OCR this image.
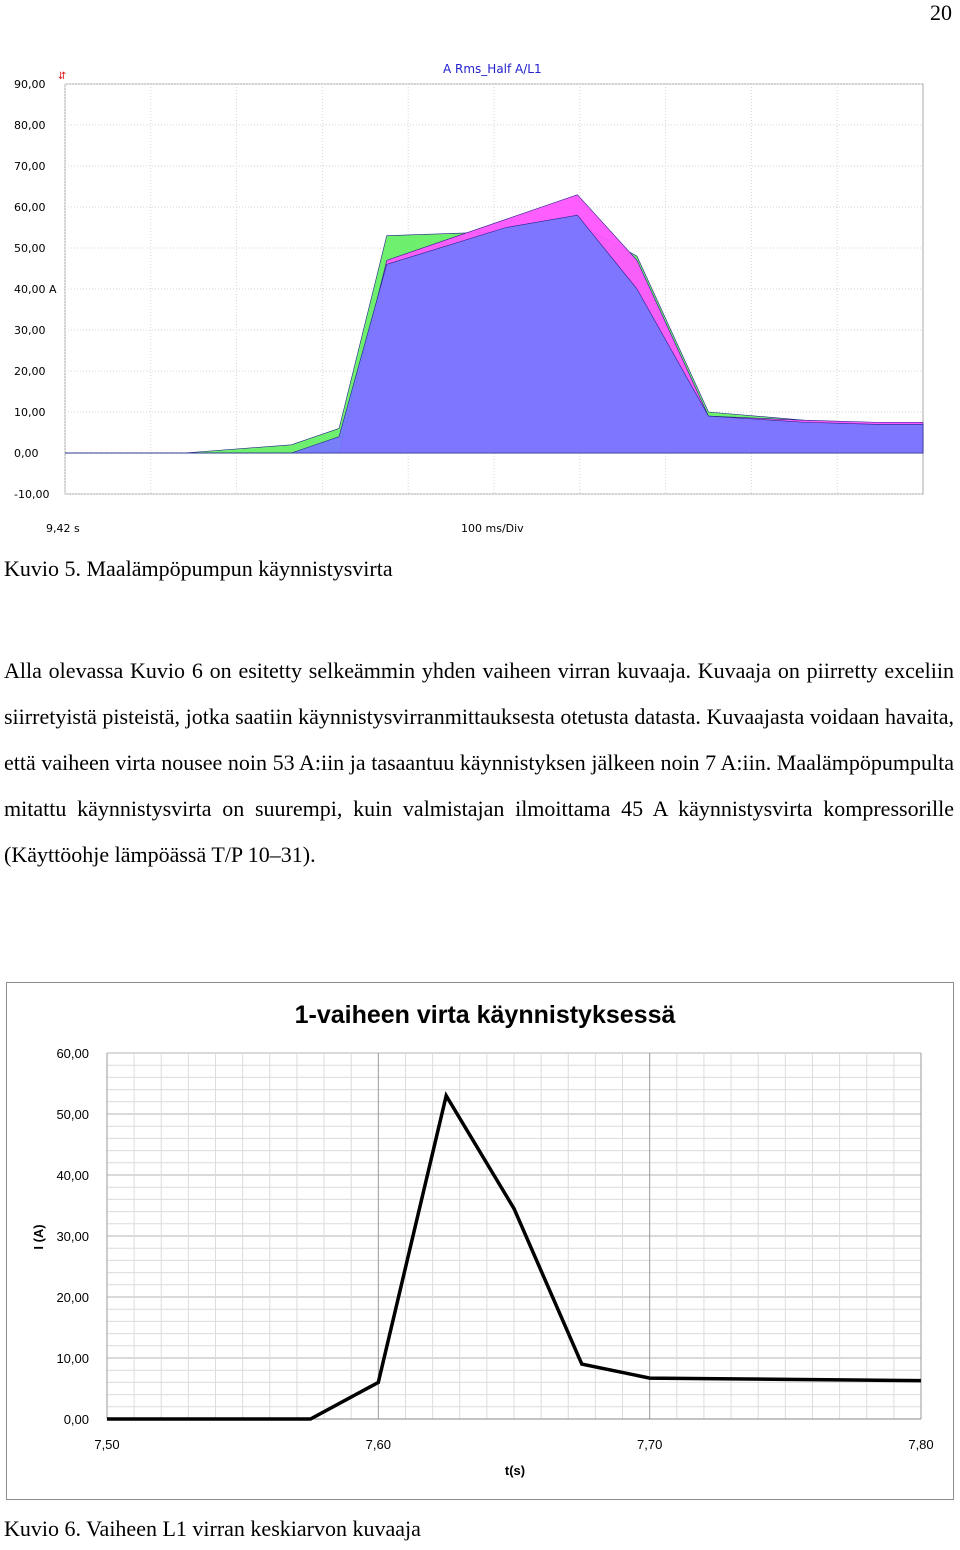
20
A Rms_Half A/L1
⇵
90,00
80,00
70,00
60,00
50,00
40,00 A
30,00
20,00
10,00
0,00
-10,00
9,42 s	100 ms/Div
Kuvio 5. Maalämpöpumpun käynnistysvirta

Alla olevassa Kuvio 6 on esitetty selkeämmin yhden vaiheen virran kuvaaja. Kuvaaja on piirretty exceliin siirretyistä pisteistä, jotka saatiin käynnistysvirranmittauksesta otetusta datasta. Kuvaajasta voidaan havaita, että vaiheen virta nousee noin 53 A:iin ja tasaantuu käynnistyksen jälkeen noin 7 A:iin. Maalämpöpumpulta mitattu käynnistysvirta on suurempi, kuin valmistajan ilmoittama 45 A käynnistysvirta kompressorille (Käyttöohje lämpöässä T/P 10–31).

1-vaiheen virta käynnistyksessä
0,00
10,00
20,00
30,00
40,00
50,00
60,00
7,50	7,60	7,70	7,80
t(s)
I (A)
Kuvio 6. Vaiheen L1 virran keskiarvon kuvaaja
